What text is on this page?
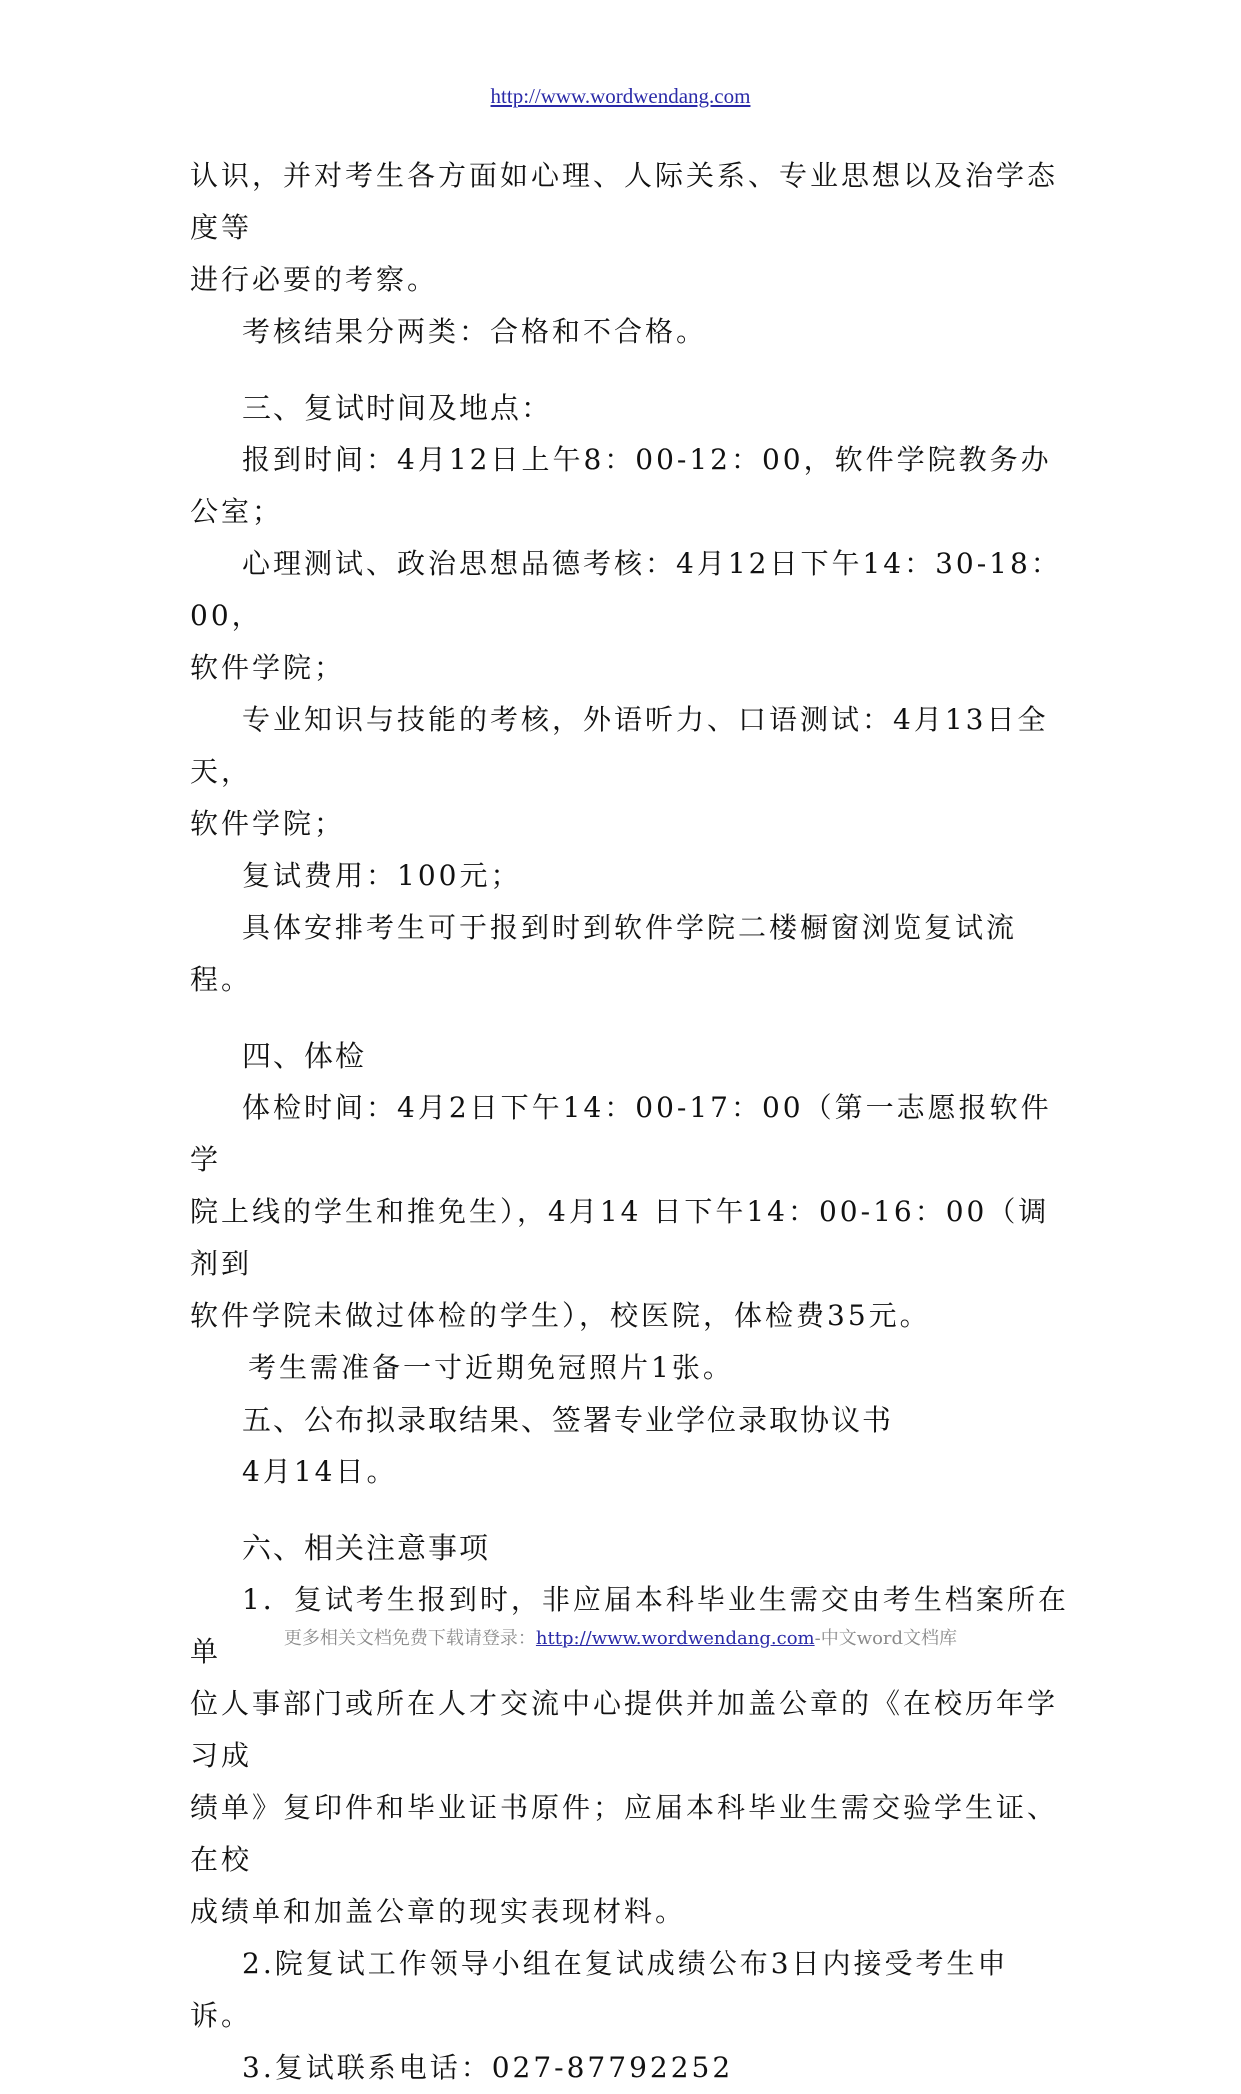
http://www.wordwendang.com

认识，并对考生各方面如心理、人际关系、专业思想以及治学态度等

进行必要的考察。

考核结果分两类：合格和不合格。

三、复试时间及地点：

报到时间：4月12日上午8：00-12：00，软件学院教务办公室；

心理测试、政治思想品德考核：4月12日下午14：30-18：00，

软件学院；

专业知识与技能的考核，外语听力、口语测试：4月13日全天，

软件学院；

复试费用：100元；

具体安排考生可于报到时到软件学院二楼橱窗浏览复试流程。

四、体检

体检时间：4月2日下午14：00-17：00（第一志愿报软件学

院上线的学生和推免生），4月14 日下午14：00-16：00（调剂到

软件学院未做过体检的学生），校医院，体检费35元。

考生需准备一寸近期免冠照片1张。

五、公布拟录取结果、签署专业学位录取协议书

4月14日。

六、相关注意事项

1．复试考生报到时，非应届本科毕业生需交由考生档案所在单

位人事部门或所在人才交流中心提供并加盖公章的《在校历年学习成

绩单》复印件和毕业证书原件；应届本科毕业生需交验学生证、在校

成绩单和加盖公章的现实表现材料。

2.院复试工作领导小组在复试成绩公布3日内接受考生申诉。

3.复试联系电话：027-87792252

更多相关文档免费下载请登录：http://www.wordwendang.com-中文word文档库
